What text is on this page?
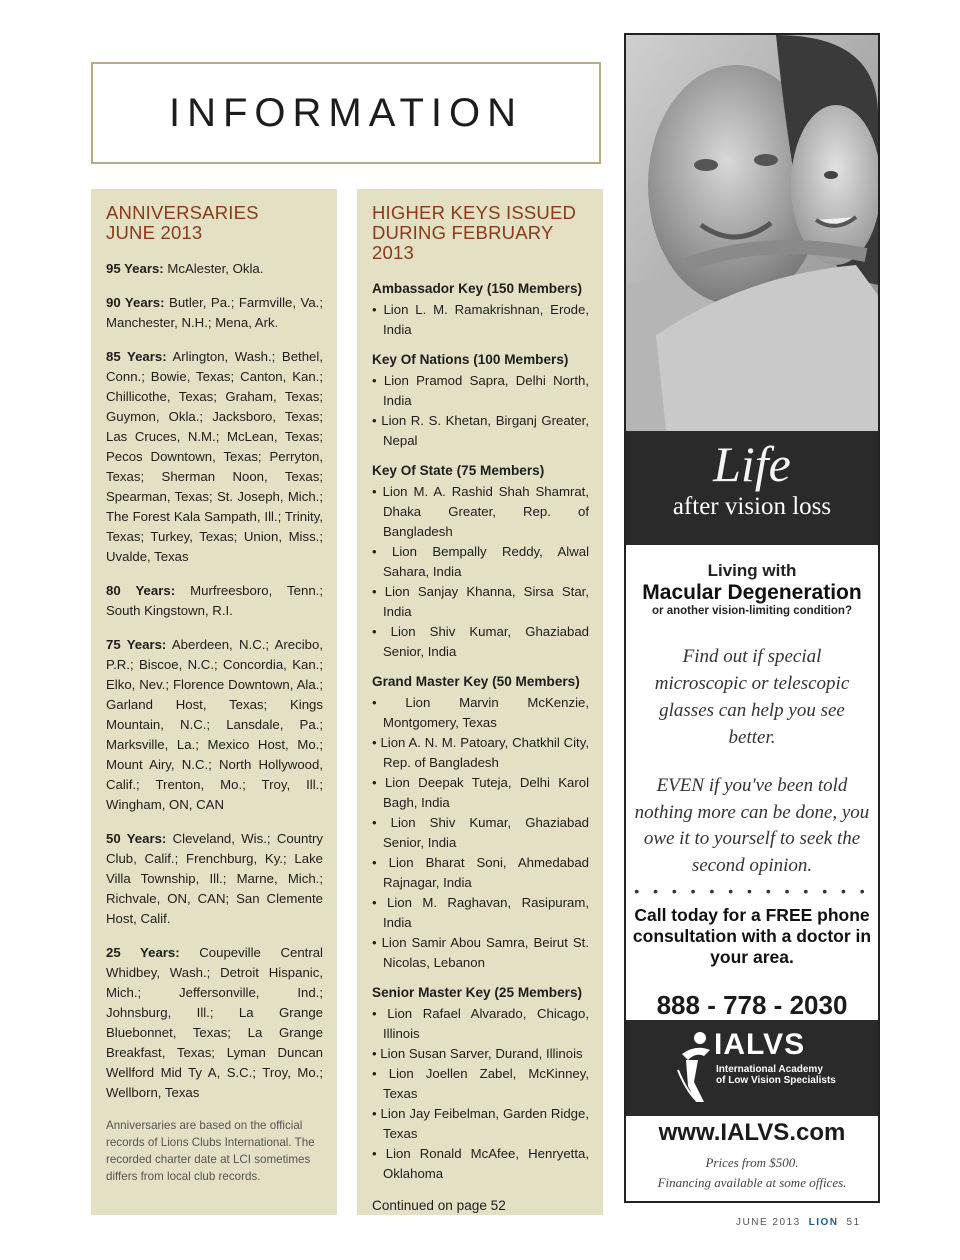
INFORMATION
ANNIVERSARIES
JUNE 2013

95 Years: McAlester, Okla.

90 Years: Butler, Pa.; Farmville, Va.; Manchester, N.H.; Mena, Ark.

85 Years: Arlington, Wash.; Bethel, Conn.; Bowie, Texas; Canton, Kan.; Chillicothe, Texas; Graham, Texas; Guymon, Okla.; Jacksboro, Texas; Las Cruces, N.M.; McLean, Texas; Pecos Downtown, Texas; Perryton, Texas; Sherman Noon, Texas; Spearman, Texas; St. Joseph, Mich.; The Forest Kala Sampath, Ill.; Trinity, Texas; Turkey, Texas; Union, Miss.; Uvalde, Texas

80 Years: Murfreesboro, Tenn.; South Kingstown, R.I.

75 Years: Aberdeen, N.C.; Arecibo, P.R.; Biscoe, N.C.; Concordia, Kan.; Elko, Nev.; Florence Downtown, Ala.; Garland Host, Texas; Kings Mountain, N.C.; Lansdale, Pa.; Marksville, La.; Mexico Host, Mo.; Mount Airy, N.C.; North Hollywood, Calif.; Trenton, Mo.; Troy, Ill.; Wingham, ON, CAN

50 Years: Cleveland, Wis.; Country Club, Calif.; Frenchburg, Ky.; Lake Villa Township, Ill.; Marne, Mich.; Richvale, ON, CAN; San Clemente Host, Calif.

25 Years: Coupeville Central Whidbey, Wash.; Detroit Hispanic, Mich.; Jeffersonville, Ind.; Johnsburg, Ill.; La Grange Bluebonnet, Texas; La Grange Breakfast, Texas; Lyman Duncan Wellford Mid Ty A, S.C.; Troy, Mo.; Wellborn, Texas

Anniversaries are based on the official records of Lions Clubs International. The recorded charter date at LCI sometimes differs from local club records.
HIGHER KEYS ISSUED
DURING FEBRUARY 2013
Ambassador Key (150 Members)
• Lion L. M. Ramakrishnan, Erode, India
Key Of Nations (100 Members)
• Lion Pramod Sapra, Delhi North, India
• Lion R. S. Khetan, Birganj Greater, Nepal
Key Of State (75 Members)
• Lion M. A. Rashid Shah Shamrat, Dhaka Greater, Rep. of Bangladesh
• Lion Bempally Reddy, Alwal Sahara, India
• Lion Sanjay Khanna, Sirsa Star, India
• Lion Shiv Kumar, Ghaziabad Senior, India
Grand Master Key (50 Members)
• Lion Marvin McKenzie, Montgomery, Texas
• Lion A. N. M. Patoary, Chatkhil City, Rep. of Bangladesh
• Lion Deepak Tuteja, Delhi Karol Bagh, India
• Lion Shiv Kumar, Ghaziabad Senior, India
• Lion Bharat Soni, Ahmedabad Rajnagar, India
• Lion M. Raghavan, Rasipuram, India
• Lion Samir Abou Samra, Beirut St. Nicolas, Lebanon
Senior Master Key (25 Members)
• Lion Rafael Alvarado, Chicago, Illinois
• Lion Susan Sarver, Durand, Illinois
• Lion Joellen Zabel, McKinney, Texas
• Lion Jay Feibelman, Garden Ridge, Texas
• Lion Ronald McAfee, Henryetta, Oklahoma
Continued on page 52
Life
after vision loss
Living with
Macular Degeneration
or another vision-limiting condition?
Find out if special microscopic or telescopic glasses can help you see better.
EVEN if you've been told nothing more can be done, you owe it to yourself to seek the second opinion.
• • • • • • • • • • • • •
Call today for a FREE phone consultation with a doctor in your area.
888 - 778 - 2030
IALVS
International Academy
of Low Vision Specialists
www.IALVS.com
Prices from $500.
Financing available at some offices.
JUNE 2013 LION 51
